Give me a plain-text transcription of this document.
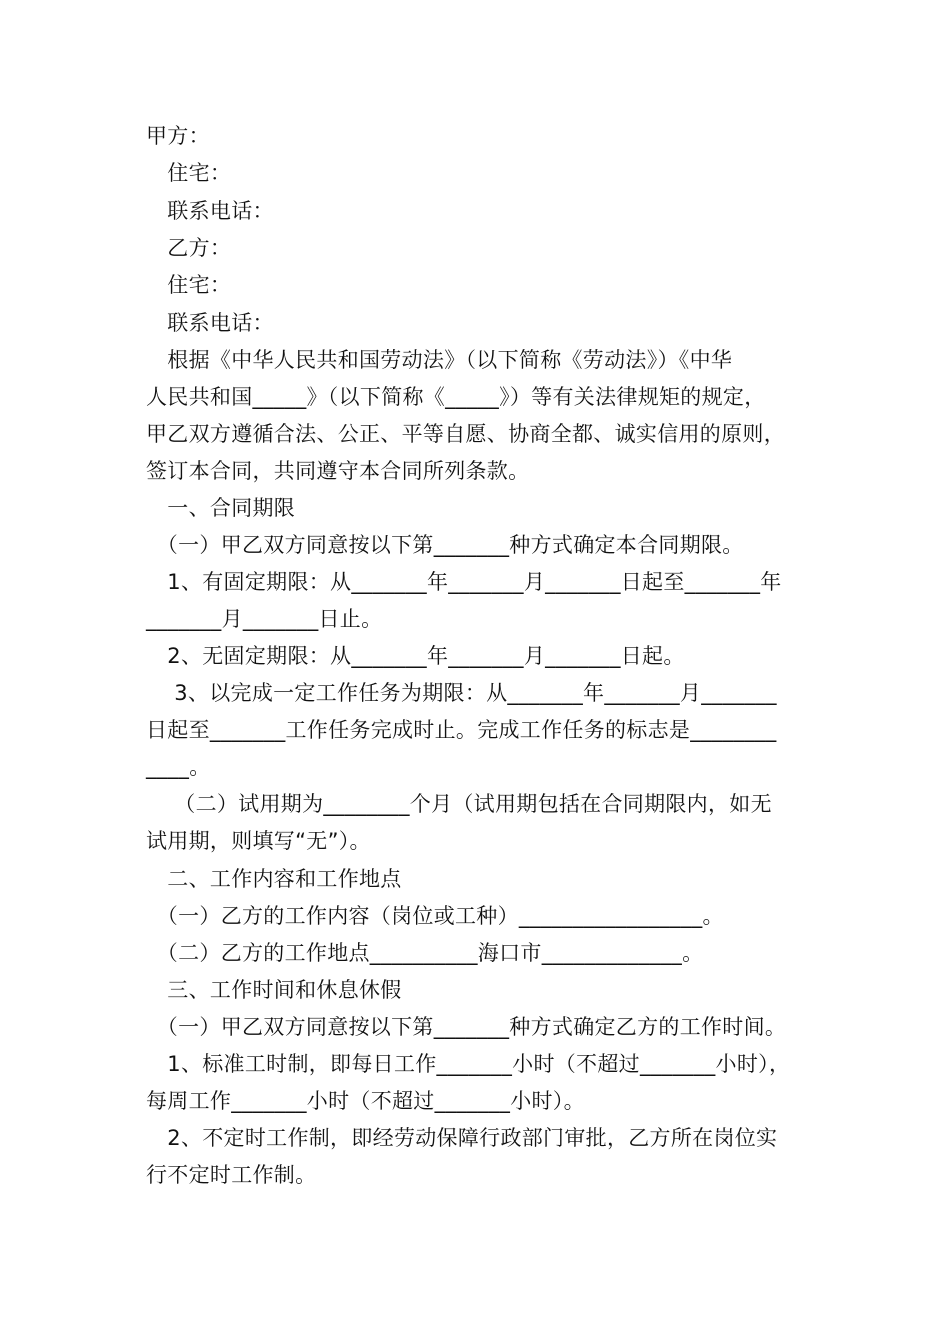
甲方：
　住宅：
　联系电话：
　乙方：
　住宅：
　联系电话：
　根据《中华人民共和国劳动法》（以下简称《劳动法》）《中华
人民共和国_____》（以下简称《_____》）等有关法律规矩的规定，
甲乙双方遵循合法、公正、平等自愿、协商全都、诚实信用的原则，
签订本合同，共同遵守本合同所列条款。
　一、合同期限
　（一）甲乙双方同意按以下第_______种方式确定本合同期限。
　1、有固定期限：从_______年_______月_______日起至_______年
_______月_______日止。
　2、无固定期限：从_______年_______月_______日起。
　 3、以完成一定工作任务为期限：从_______年_______月_______
日起至_______工作任务完成时止。完成工作任务的标志是________
____。
　 （二）试用期为________个月（试用期包括在合同期限内，如无
试用期，则填写“无”）。
　二、工作内容和工作地点
　（一）乙方的工作内容（岗位或工种）_________________。
　（二）乙方的工作地点__________海口市_____________。
　三、工作时间和休息休假
　（一）甲乙双方同意按以下第_______种方式确定乙方的工作时间。
　1、标准工时制，即每日工作_______小时（不超过_______小时），
每周工作_______小时（不超过_______小时）。
　2、不定时工作制，即经劳动保障行政部门审批，乙方所在岗位实
行不定时工作制。
